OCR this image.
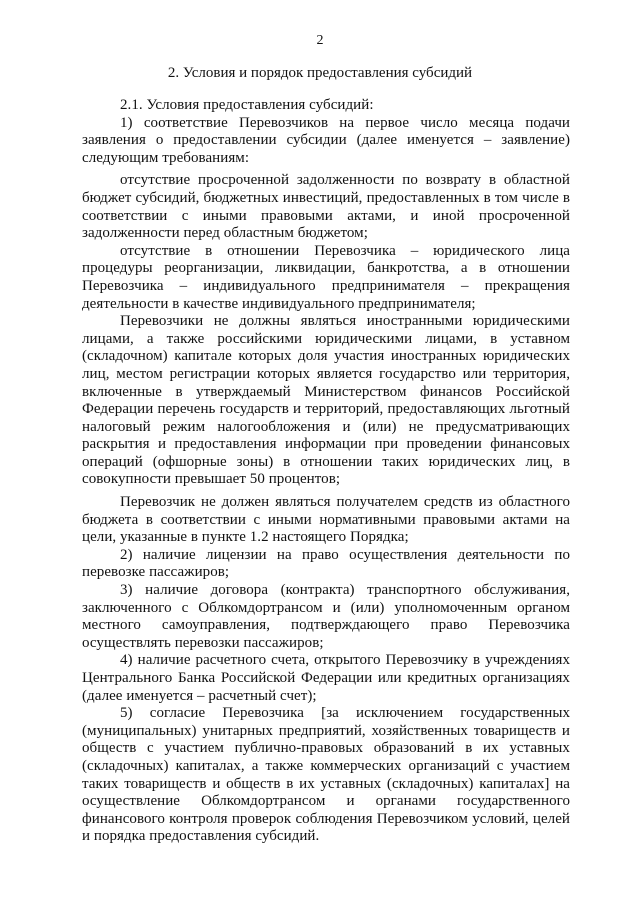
2
2. Условия и порядок предоставления субсидий

2.1. Условия предоставления субсидий:

1) соответствие Перевозчиков на первое число месяца подачи заявления о предоставлении субсидии (далее именуется – заявление) следующим требованиям:

отсутствие просроченной задолженности по возврату в областной бюджет субсидий, бюджетных инвестиций, предоставленных в том числе в соответствии с иными правовыми актами, и иной просроченной задолженности перед областным бюджетом;

отсутствие в отношении Перевозчика – юридического лица процедуры реорганизации, ликвидации, банкротства, а в отношении Перевозчика – индивидуального предпринимателя – прекращения деятельности в качестве индивидуального предпринимателя;

Перевозчики не должны являться иностранными юридическими лицами, а также российскими юридическими лицами, в уставном (складочном) капитале которых доля участия иностранных юридических лиц, местом регистрации которых является государство или территория, включенные в утверждаемый Министерством финансов Российской Федерации перечень государств и территорий, предоставляющих льготный налоговый режим налогообложения и (или) не предусматривающих раскрытия и предоставления информации при проведении финансовых операций (офшорные зоны) в отношении таких юридических лиц, в совокупности превышает 50 процентов;

Перевозчик не должен являться получателем средств из областного бюджета в соответствии с иными нормативными правовыми актами на цели, указанные в пункте 1.2 настоящего Порядка;

2) наличие лицензии на право осуществления деятельности по перевозке пассажиров;

3) наличие договора (контракта) транспортного обслуживания, заключенного с Облкомдортрансом и (или) уполномоченным органом местного самоуправления, подтверждающего право Перевозчика осуществлять перевозки пассажиров;

4) наличие расчетного счета, открытого Перевозчику в учреждениях Центрального Банка Российской Федерации или кредитных организациях (далее именуется – расчетный счет);

5) согласие Перевозчика [за исключением государственных (муниципальных) унитарных предприятий, хозяйственных товариществ и обществ с участием публично-правовых образований в их уставных (складочных) капиталах, а также коммерческих организаций с участием таких товариществ и обществ в их уставных (складочных) капиталах] на осуществление Облкомдортрансом и органами государственного финансового контроля проверок соблюдения Перевозчиком условий, целей и порядка предоставления субсидий.
